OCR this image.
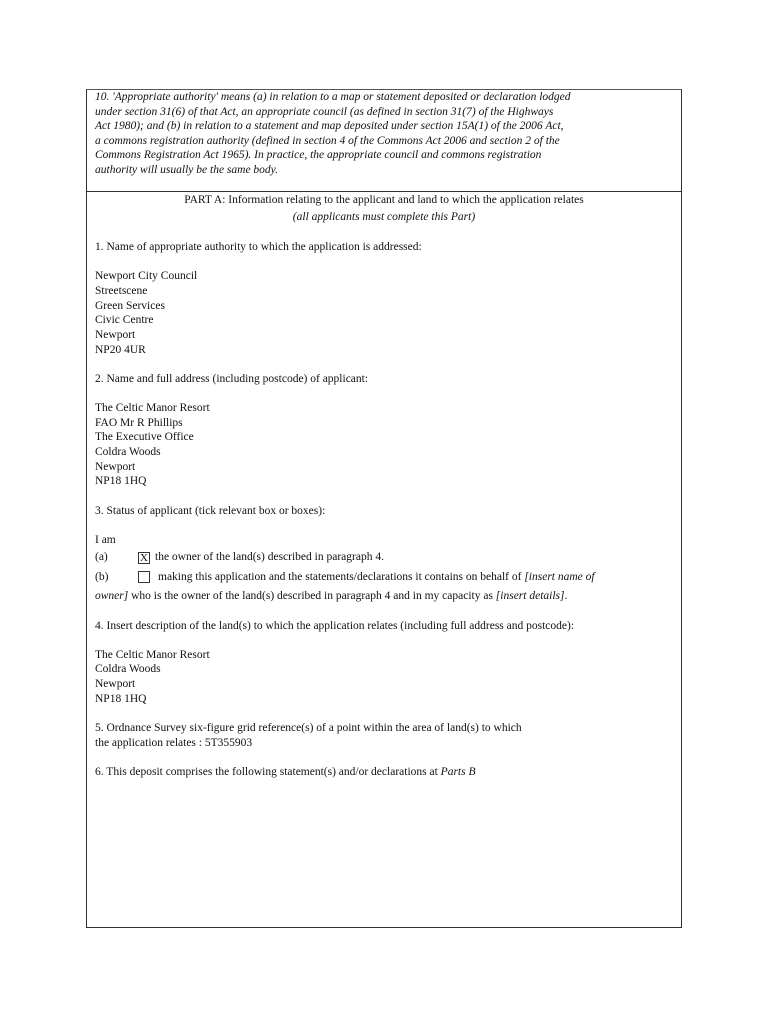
10. 'Appropriate authority' means (a) in relation to a map or statement deposited or declaration lodged
under section 31(6) of that Act, an appropriate council (as defined in section 31(7) of the Highways
Act 1980); and (b) in relation to a statement and map deposited under section 15A(1) of the 2006 Act,
a commons registration authority (defined in section 4 of the Commons Act 2006 and section 2 of the
Commons Registration Act 1965). In practice, the appropriate council and commons registration
authority will usually be the same body.
PART A: Information relating to the applicant and land to which the application relates
(all applicants must complete this Part)
1. Name of appropriate authority to which the application is addressed:
Newport City Council
Streetscene
Green Services
Civic Centre
Newport
NP20 4UR
2. Name and full address (including postcode) of applicant:
The Celtic Manor Resort
FAO Mr R Phillips
The Executive Office
Coldra Woods
Newport
NP18 1HQ
3. Status of applicant (tick relevant box or boxes):
I am
(a)	X the owner of the land(s) described in paragraph 4.
(b)	making this application and the statements/declarations it contains on behalf of [insert name of
owner] who is the owner of the land(s) described in paragraph 4 and in my capacity as [insert details].
4. Insert description of the land(s) to which the application relates (including full address and postcode):
The Celtic Manor Resort
Coldra Woods
Newport
NP18 1HQ
5. Ordnance Survey six-figure grid reference(s) of a point within the area of land(s) to which
the application relates : 5T355903
6. This deposit comprises the following statement(s) and/or declarations at Parts B
